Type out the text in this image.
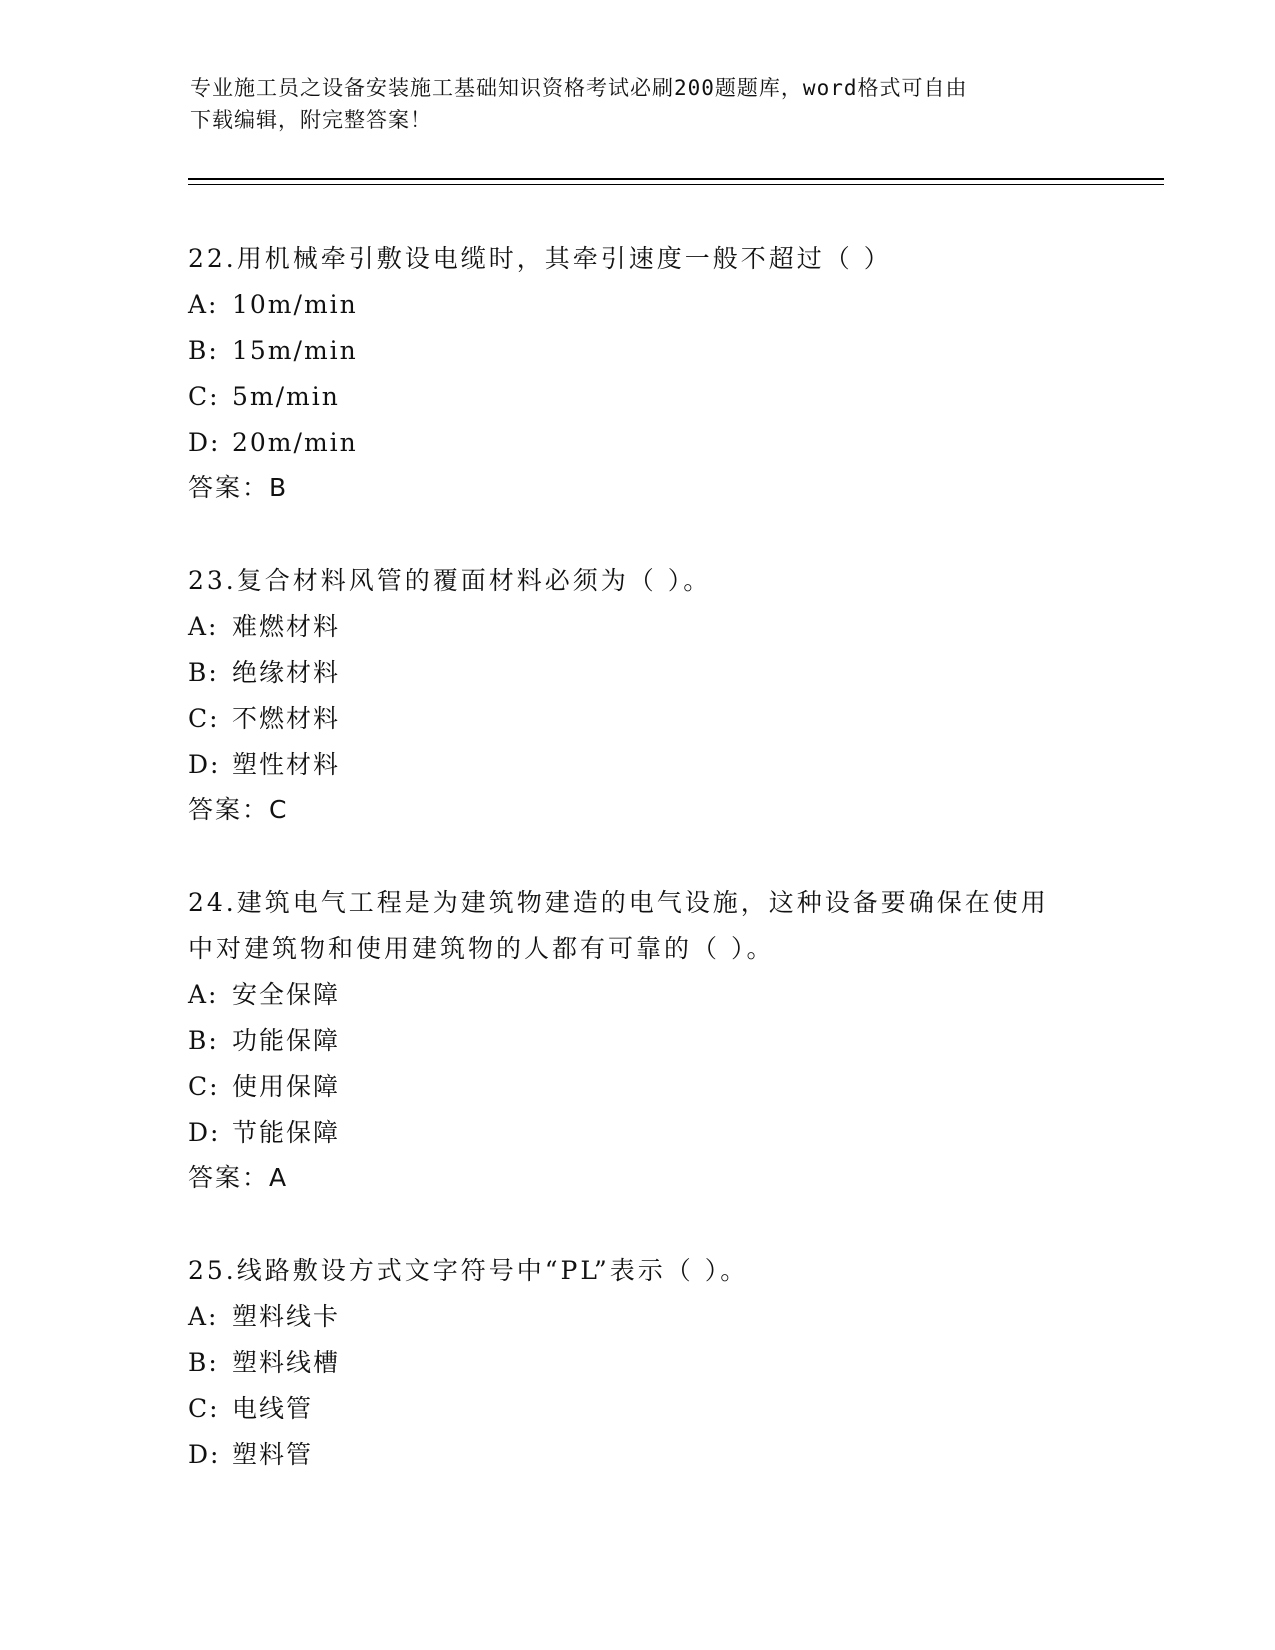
专业施工员之设备安装施工基础知识资格考试必刷200题题库，word格式可自由
下载编辑，附完整答案！

22.用机械牵引敷设电缆时，其牵引速度一般不超过（ ）

A: 10m/min

B: 15m/min

C: 5m/min

D: 20m/min

答案：B

23.复合材料风管的覆面材料必须为（ ）。

A: 难燃材料

B: 绝缘材料

C: 不燃材料

D: 塑性材料

答案：C

24.建筑电气工程是为建筑物建造的电气设施，这种设备要确保在使用

中对建筑物和使用建筑物的人都有可靠的（ ）。

A: 安全保障

B: 功能保障

C: 使用保障

D: 节能保障

答案：A

25.线路敷设方式文字符号中“PL”表示（ ）。

A: 塑料线卡

B: 塑料线槽

C: 电线管

D: 塑料管
